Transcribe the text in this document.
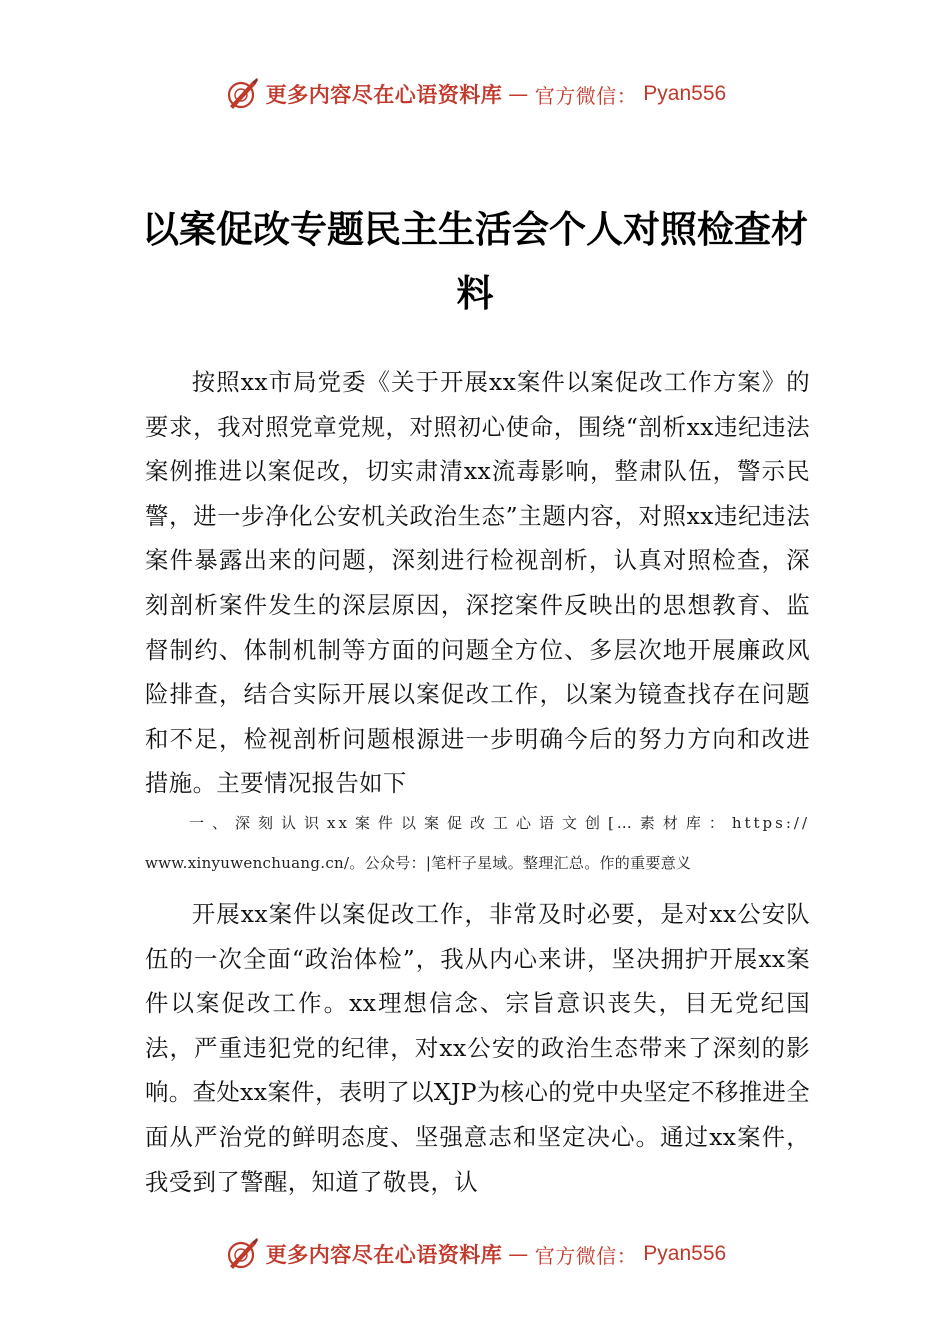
更多内容尽在心语资料库 — 官方微信： Pyan556
以案促改专题民主生活会个人对照检查材料

按照xx市局党委《关于开展xx案件以案促改工作方案》的要求，我对照党章党规，对照初心使命，围绕“剖析xx违纪违法案例推进以案促改，切实肃清xx流毒影响，整肃队伍，警示民警，进一步净化公安机关政治生态”主题内容，对照xx违纪违法案件暴露出来的问题，深刻进行检视剖析，认真对照检查，深刻剖析案件发生的深层原因，深挖案件反映出的思想教育、监督制约、体制机制等方面的问题全方位、多层次地开展廉政风险排查，结合实际开展以案促改工作，以案为镜查找存在问题和不足，检视剖析问题根源进一步明确今后的努力方向和改进措施。主要情况报告如下

一、深刻认识xx案件以案促改工心语文创[…素材库：https://
www.xinyuwenchuang.cn/。公众号：|笔杆子星域。整理汇总。作的重要意义

开展xx案件以案促改工作，非常及时必要，是对xx公安队伍的一次全面“政治体检”，我从内心来讲，坚决拥护开展xx案件以案促改工作。xx理想信念、宗旨意识丧失，目无党纪国法，严重违犯党的纪律，对xx公安的政治生态带来了深刻的影响。查处xx案件，表明了以XJP为核心的党中央坚定不移推进全面从严治党的鲜明态度、坚强意志和坚定决心。通过xx案件，我受到了警醒，知道了敬畏，认

更多内容尽在心语资料库 — 官方微信： Pyan556
